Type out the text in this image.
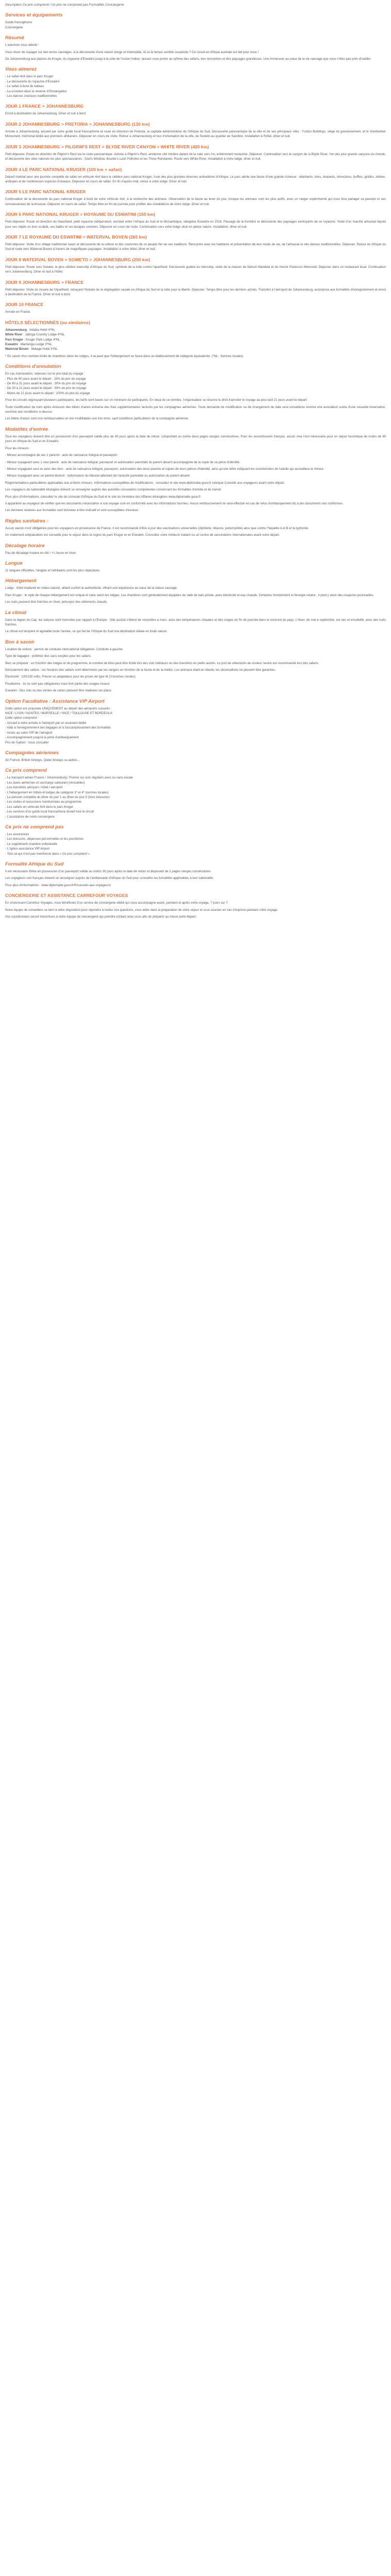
Description Ce prix comprend / Ce prix ne comprend pas Formalités Conciergerie
Services et équipements
Guide francophone
Conciergerie
Résumé
L'aventure vous attend !
Vous rêvez de voyager sur des terres sauvages, à la découverte d'une nature vierge et indomptée, là où le temps semble suspendu ? Ce circuit en Afrique australe est fait pour vous !
De Johannesburg aux plaines du Kruger, du royaume d'Eswatini jusqu'à la côte de l'océan Indien, laissez-vous porter au rythme des safaris, des rencontres et des paysages grandioses. Une immersion au cœur de la vie sauvage que vous n'êtes pas près d'oublier.
Vous aimerez
- Le safari 4x4 dans le parc Kruger
- La découverte du royaume d'Eswatini
- Le safari à bord de bateau
- La croisière dans la réserve d'iSimangaliso
- Les danses zouloues traditionnelles
JOUR 1 FRANCE > JOHANNESBURG
Envol à destination de Johannesburg. Dîner et nuit à bord.
JOUR 2 JOHANNESBURG > PRETORIA > JOHANNESBURG (130 km)
Arrivée à Johannesburg, accueil par votre guide local francophone et route en direction de Pretoria, la capitale administrative de l'Afrique du Sud. Découverte panoramique de la ville et de ses principaux sites : l'Union Buildings, siège du gouvernement, et le Voortrekker Monument, mémorial dédié aux pionniers afrikaners. Déjeuner en cours de visite. Retour à Johannesburg et tour d'orientation de la ville, de Soweto au quartier de Sandton. Installation à l'hôtel, dîner et nuit.
JOUR 3 JOHANNESBURG > PILGRIM'S REST > BLYDE RIVER CANYON > WHITE RIVER (420 km)
Petit déjeuner. Route en direction de Pilgrim's Rest via la route panoramique. Arrivée à Pilgrim's Rest, ancienne cité minière datant de la ruée vers l'or, entièrement restaurée. Déjeuner. Continuation vers le canyon de la Blyde River, l'un des plus grands canyons du monde, et découverte des sites naturels les plus spectaculaires : God's Window, Bourke's Luck Potholes et les Three Rondavels. Route vers White River. Installation à votre lodge, dîner et nuit.
JOUR 4 LE PARC NATIONAL KRUGER (100 km + safari)
Départ matinal pour une journée complète de safari en véhicule 4x4 dans le célèbre parc national Kruger, l'une des plus grandes réserves animalières d'Afrique. Le parc abrite une faune d'une grande richesse : éléphants, lions, léopards, rhinocéros, buffles, girafes, zèbres, antilopes et de nombreuses espèces d'oiseaux. Déjeuner en cours de safari. En fin d'après-midi, retour à votre lodge. Dîner et nuit.
JOUR 5 LE PARC NATIONAL KRUGER
Continuation de la découverte du parc national Kruger à bord de votre véhicule 4x4, à la recherche des animaux. Observation de la faune au lever du jour, lorsque les animaux sont les plus actifs, avec un ranger expérimenté qui vous fera partager sa passion et ses connaissances de la brousse. Déjeuner en cours de safari. Temps libre en fin de journée pour profiter des installations de votre lodge. Dîner et nuit.
JOUR 6 PARC NATIONAL KRUGER > ROYAUME DU ESWATINI (150 km)
Petit déjeuner. Route en direction du Swaziland, petit royaume indépendant, enclavé entre l'Afrique du Sud et le Mozambique, rebaptisé Eswatini en 2018. Passage de la frontière et découverte des paysages verdoyants de ce royaume. Visite d'un marché artisanal réputé pour ses objets en bois sculpté, ses batiks et ses bougies colorées. Déjeuner en cours de route. Continuation vers votre lodge situé en pleine nature. Installation, dîner et nuit.
JOUR 7 LE ROYAUME DU ESWATINI > WATERVAL BOVEN (265 km)
Petit déjeuner. Visite d'un village traditionnel swazi et découverte de la culture et des coutumes de ce peuple fier de ses traditions. Rencontre avec les habitants et présentation de leur mode de vie, de l'artisanal et des danses traditionnelles. Déjeuner. Retour en Afrique du Sud et route vers Waterval Boven à travers de magnifiques paysages. Installation à votre hôtel, dîner et nuit.
JOUR 8 WATERVAL BOVEN > SOWETO > JOHANNESBURG (250 km)
Petit déjeuner. Route vers Soweto, le plus célèbre township d'Afrique du Sud, symbole de la lutte contre l'apartheid. Découverte guidée du township, visite de la maison de Nelson Mandela et du Hector Pieterson Memorial. Déjeuner dans un restaurant local. Continuation vers Johannesburg. Dîner et nuit à l'hôtel.
JOUR 9 JOHANNESBURG > FRANCE
Petit déjeuner. Visite du musée de l'Apartheid, retraçant l'histoire de la ségrégation raciale en Afrique du Sud et la lutte pour la liberté. Déjeuner. Temps libre pour les derniers achats. Transfert à l'aéroport de Johannesburg, assistance aux formalités d'enregistrement et envol à destination de la France. Dîner et nuit à bord.
JOUR 10 FRANCE
Arrivée en France.
HÔTELS SÉLECTIONNÉS (ou similaires)
Johannesburg : Indaba Hotel 4*NL
White River : Jatinga Country Lodge 4*NL
Parc Kruger : Kruger Park Lodge 4*NL
Eswatini : Mantenga Lodge 3*NL
Waterval Boven : Malaga Hotel 3*NL
* En raison d'un nombre limité de chambres dans les lodges, il se peut que l'hébergement se fasse dans un établissement de catégorie équivalente. (*NL : Normes locales)
Conditions d'annulation
En cas d'annulation, retenues sur le prix total du voyage :
- Plus de 60 jours avant le départ : 15% du prix du voyage
- De 60 à 31 jours avant le départ : 30% du prix du voyage
- De 30 à 21 jours avant le départ : 50% du prix du voyage
- Moins de 21 jours avant le départ : 100% du prix du voyage
Pour les circuits regroupant plusieurs participants, les tarifs sont basés sur un minimum de participants. En deçà de ce nombre, l'organisateur se réserve le droit d'annuler le voyage au plus tard 21 jours avant le départ.
Toute modification de nom après émission des billets d'avion entraîne des frais supplémentaires facturés par les compagnies aériennes. Toute demande de modification ou de changement de date sera considérée comme une annulation suivie d'une nouvelle réservation, soumise aux conditions ci-dessus.
Les billets d'avion sont non remboursables et non modifiables une fois émis, sauf conditions particulières de la compagnie aérienne.
Modalités d'entrée
Tous les voyageurs doivent être en possession d'un passeport valide plus de 30 jours après la date de retour, comportant au moins deux pages vierges consécutives. Pour les ressortissants français, aucun visa n'est nécessaire pour un séjour touristique de moins de 90 jours en Afrique du Sud et en Eswatini.
Pour les mineurs :
- Mineur accompagné de ses 2 parents : acte de naissance intégral et passeport.
- Mineur voyageant avec 1 seul parent : acte de naissance intégral, passeport et autorisation parentale du parent absent accompagnée de la copie de sa pièce d'identité.
- Mineur voyageant seul ou avec des tiers : acte de naissance intégral, passeport, autorisation des deux parents et copies de leurs pièces d'identité, ainsi qu'une lettre indiquant les coordonnées de l'adulte qui accueillera le mineur.
- Mineur voyageant avec un parent divorcé : ordonnance du tribunal attestant de l'autorité parentale ou autorisation du parent absent.
Réglementations particulières applicables aux enfants mineurs. Informations susceptibles de modifications : consultez le site www.diplomatie.gouv.fr rubrique Conseils aux voyageurs avant votre départ.
Les voyageurs de nationalité étrangère doivent se renseigner auprès des autorités consulaires compétentes concernant les formalités d'entrée et de transit.
Pour plus d'informations, consultez le site du consulat d'Afrique du Sud et le site du ministère des Affaires étrangères www.diplomatie.gouv.fr.
Il appartient au voyageur de vérifier que les documents nécessaires à son voyage sont en conformité avec les informations fournies. Aucun remboursement ne sera effectué en cas de refus d'embarquement dû à des documents non conformes.
Les données relatives aux formalités sont données à titre indicatif et sont susceptibles d'évoluer.
Règles sanitaires :
Aucun vaccin n'est obligatoire pour les voyageurs en provenance de France. Il est recommandé d'être à jour des vaccinations universelles (diphtérie, tétanos, poliomyélite) ainsi que contre l'hépatite A et B et la typhoïde.
Un traitement antipaludéen est conseillé pour le séjour dans la région du parc Kruger et en Eswatini. Consultez votre médecin traitant ou un centre de vaccinations internationales avant votre départ.
Décalage horaire
Pas de décalage horaire en été / +1 heure en hiver.
Langue
11 langues officielles, l'anglais et l'afrikaans sont les plus répandues.
Hébergement
Lodge : hôtel implanté en milieu naturel, alliant confort et authenticité, offrant une expérience au cœur de la nature sauvage.
Parc Kruger : le style de chaque hébergement est unique et varie selon les lodges. Les chambres sont généralement équipées de salle de bain privée, avec électricité et eau chaude. Certaines fonctionnent à l'énergie solaire ; il peut y avoir des coupures ponctuelles.
Les nuits peuvent être fraîches en hiver, prévoyez des vêtements chauds.
Le climat
Dans la région du Cap, les saisons sont inversées par rapport à l'Europe : l'été austral s'étend de novembre à mars, avec des températures chaudes et des orages en fin de journée dans le nord-est du pays. L'hiver, de mai à septembre, est sec et ensoleillé, avec des nuits fraîches.
Le climat est tempéré et agréable toute l'année, ce qui fait de l'Afrique du Sud une destination idéale en toute saison.
Bon à savoir
Location de voiture : permis de conduire international obligatoire. Conduite à gauche.
Type de bagages : préférez des sacs souples pour les safaris.
Bien se préparer : en fonction des lodges et du programme, le nombre de kilos peut être limité lors des vols intérieurs ou des transferts en petits avions. Le port de vêtements de couleur neutre est recommandé lors des safaris.
Déroulement des safaris : les horaires des safaris sont déterminés par les rangers en fonction de la faune et de la météo. Les animaux étant en liberté, les observations ne peuvent être garanties.
Électricité : 220/230 volts. Prévoir un adaptateur pour les prises de type M (3 broches rondes).
Pourboires : ils ne sont pas obligatoires mais font partie des usages locaux.
Eswatini : Des vols ou des ventes de cartes peuvent être réalisées sur place.
Option Facultative : Assistance VIP Airport
Cette option est proposée UNIQUEMENT au départ des aéroports suivants :
NICE / LYON / NANTES / MARSEILLE / NICE / TOULOUSE ET BORDEAUX
Cette option comprend :
- Accueil à votre arrivée à l'aéroport par un assistant dédié
- Aide à l'enregistrement des bagages et à l'accomplissement des formalités
- Accès au salon VIP de l'aéroport
- Accompagnement jusqu'à la porte d'embarquement
Prix de l'option : nous consulter
Compagnies aériennes
Air France, British Airways, Qatar Airways ou autres...
Ce prix comprend
- Le transport aérien France / Johannesburg / France sur vols réguliers avec ou sans escale
- Les taxes aériennes et surcharge carburant (révisables)
- Les transferts aéroport / hôtel / aéroport
- L'hébergement en hôtels et lodges de catégorie 3* et 4* (normes locales)
- La pension complète du dîner du jour 1 au dîner du jour 9 (hors boissons)
- Les visites et excursions mentionnées au programme
- Les safaris en véhicule 4x4 dans le parc Kruger
- Les services d'un guide local francophone durant tout le circuit
- L'assistance de notre conciergerie
Ce prix ne comprend pas
- Les assurances
- Les boissons, dépenses personnelles et les pourboires
- Le supplément chambre individuelle
- L'option assistance VIP Airport
- Tout ce qui n'est pas mentionné dans « Ce prix comprend »
Formalité Afrique du Sud
Il est nécessaire d'être en possession d'un passeport valide au moins 30 jours après la date de retour et disposant de 2 pages vierges consécutives.
Les voyageurs non français doivent se renseigner auprès de l'ambassade d'Afrique du Sud pour connaître les formalités applicables à leur nationalité.
Pour plus d'informations : www.diplomatie.gouv.fr/fr/conseils-aux-voyageurs/
CONCIERGERIE ET ASSISTANCE CARREFOUR VOYAGES
En choisissant Carrefour Voyages, vous bénéficiez d'un service de conciergerie dédié qui vous accompagne avant, pendant et après votre voyage, 7 jours sur 7.
Notre équipe de conseillers se tient à votre disposition pour répondre à toutes vos questions, vous aider dans la préparation de votre séjour et vous assister en cas d'imprévu pendant votre voyage.
Vos coordonnées seront transmises à notre équipe de conciergerie qui prendra contact avec vous afin de préparer au mieux votre départ.
